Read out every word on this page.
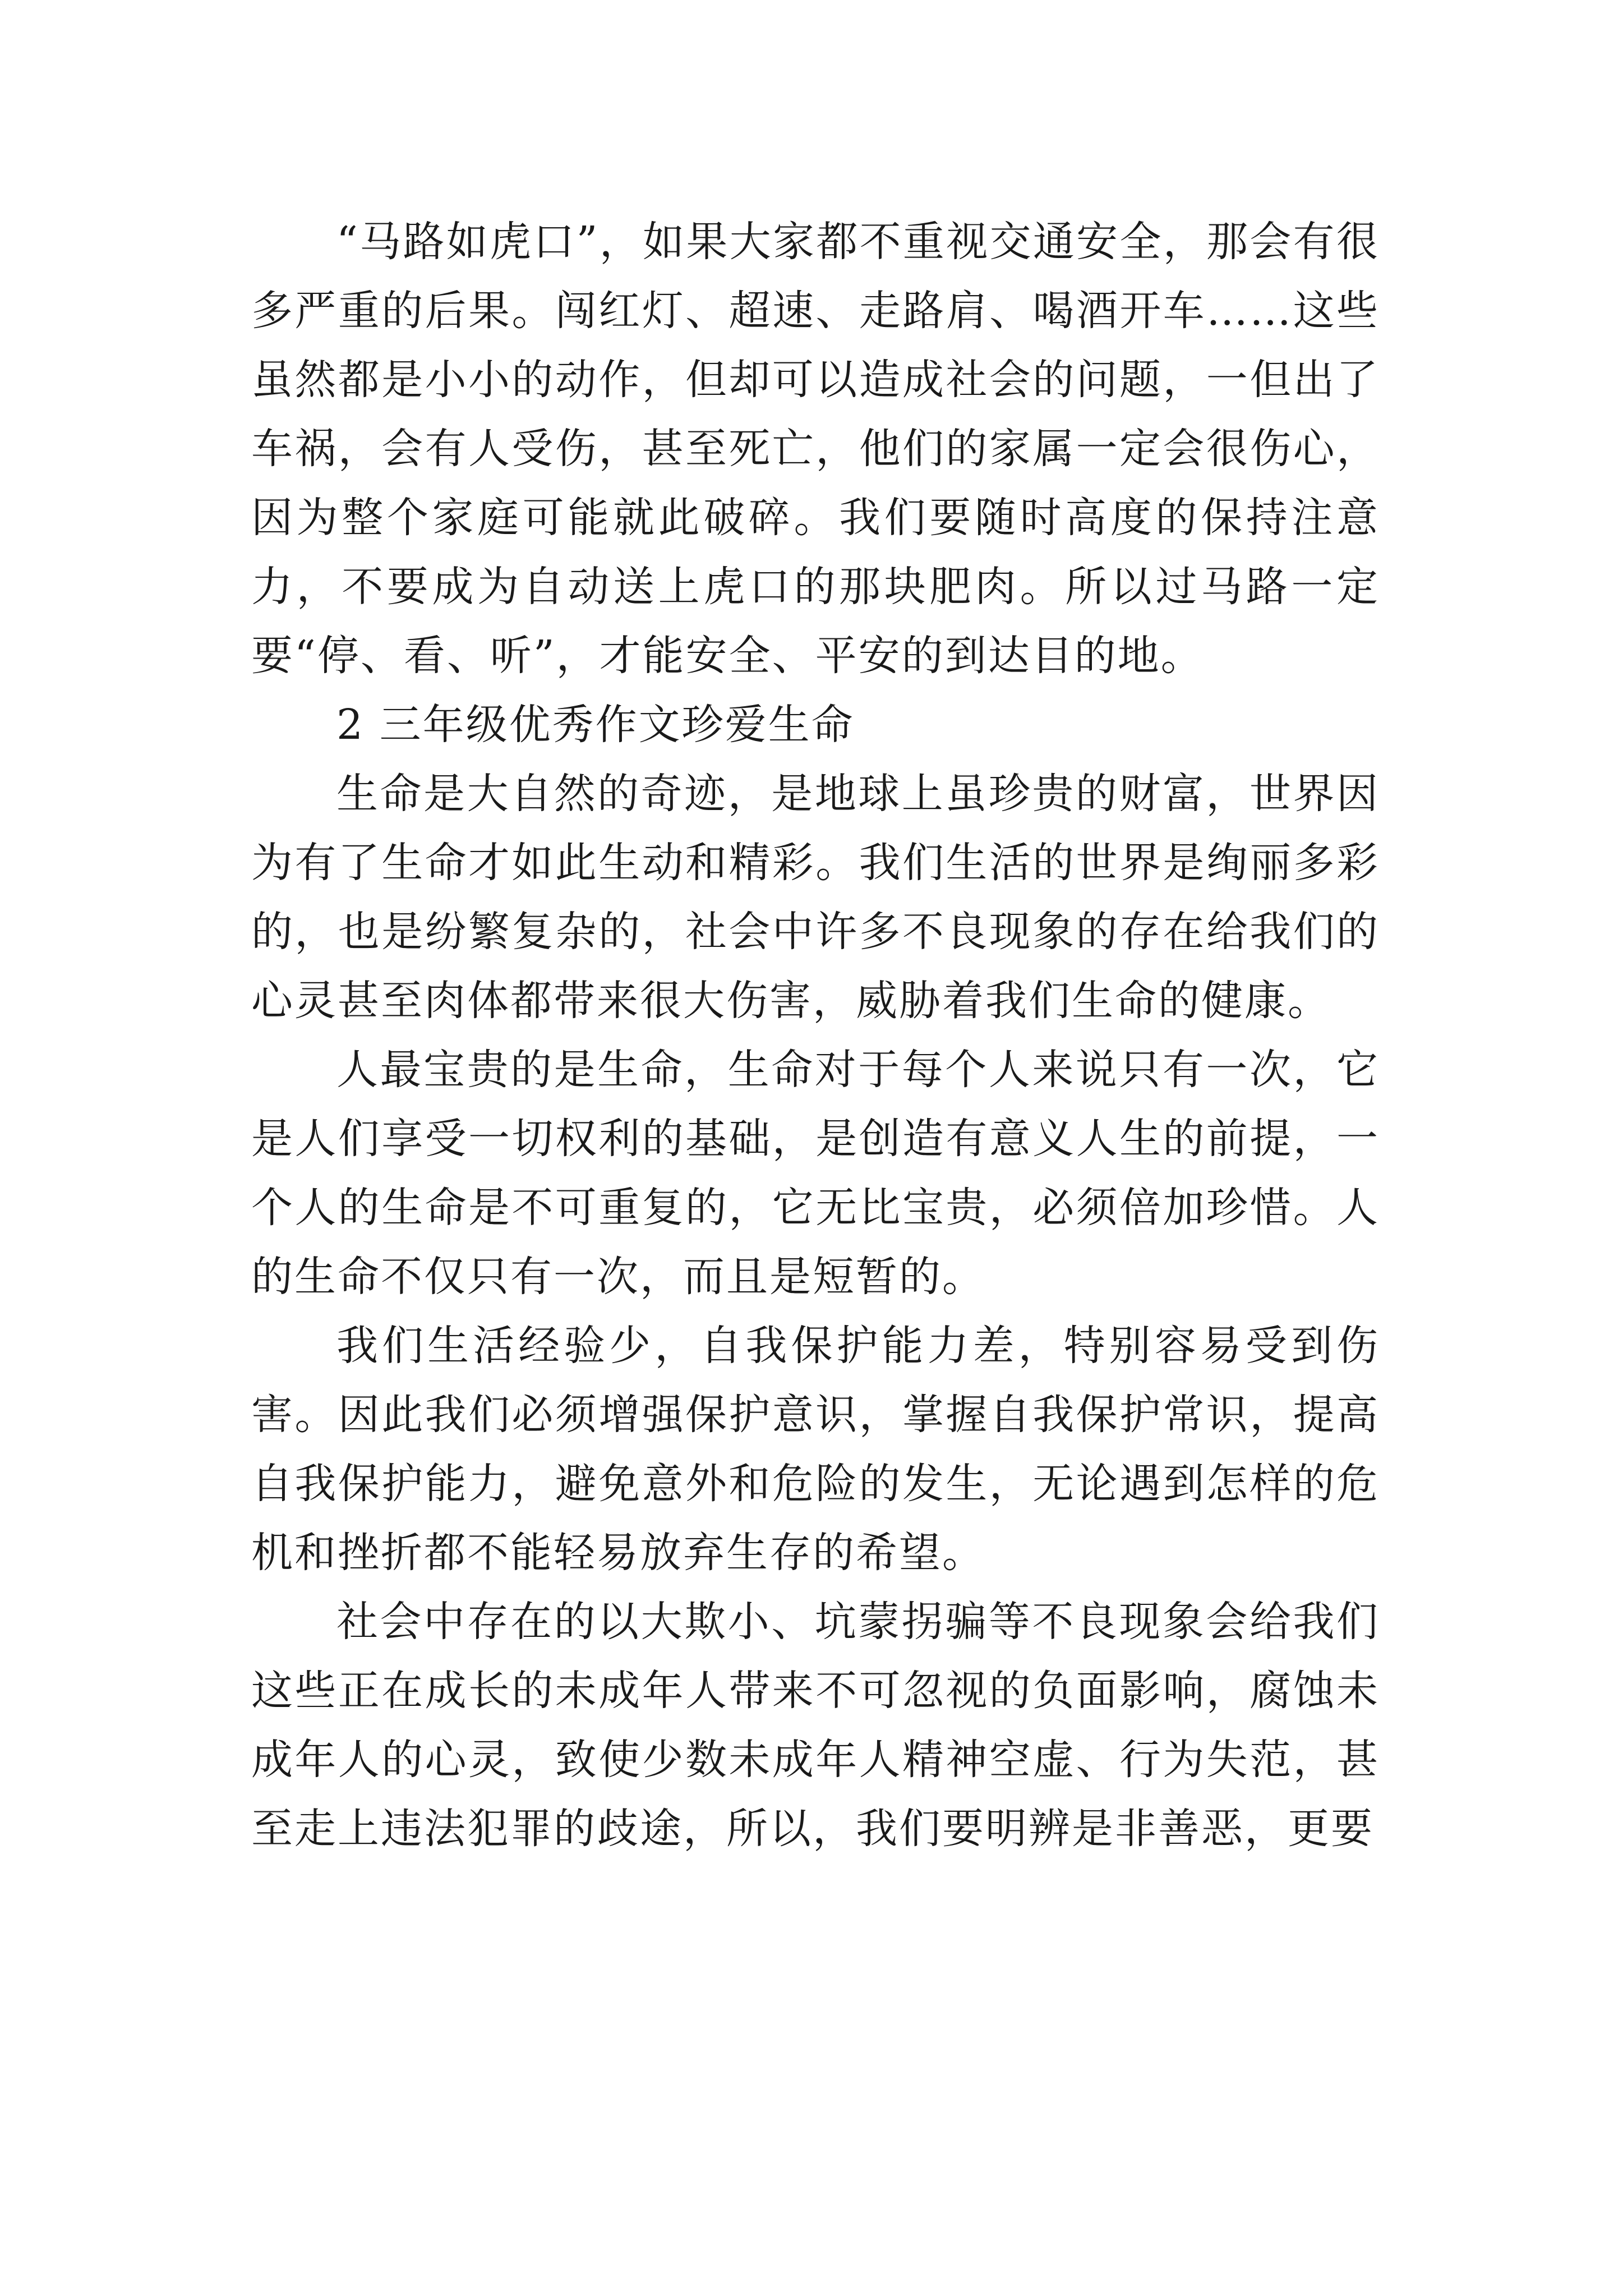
“马路如虎口”，如果大家都不重视交通安全，那会有很多严重的后果。闯红灯、超速、走路肩、喝酒开车……这些虽然都是小小的动作，但却可以造成社会的问题，一但出了车祸，会有人受伤，甚至死亡，他们的家属一定会很伤心，因为整个家庭可能就此破碎。我们要随时高度的保持注意力，不要成为自动送上虎口的那块肥肉。所以过马路一定要“停、看、听”，才能安全、平安的到达目的地。

2 三年级优秀作文珍爱生命

生命是大自然的奇迹，是地球上虽珍贵的财富，世界因为有了生命才如此生动和精彩。我们生活的世界是绚丽多彩的，也是纷繁复杂的，社会中许多不良现象的存在给我们的心灵甚至肉体都带来很大伤害，威胁着我们生命的健康。

人最宝贵的是生命，生命对于每个人来说只有一次，它是人们享受一切权利的基础，是创造有意义人生的前提，一个人的生命是不可重复的，它无比宝贵，必须倍加珍惜。人的生命不仅只有一次，而且是短暂的。

我们生活经验少，自我保护能力差，特别容易受到伤害。因此我们必须增强保护意识，掌握自我保护常识，提高自我保护能力，避免意外和危险的发生，无论遇到怎样的危机和挫折都不能轻易放弃生存的希望。

社会中存在的以大欺小、坑蒙拐骗等不良现象会给我们这些正在成长的未成年人带来不可忽视的负面影响，腐蚀未成年人的心灵，致使少数未成年人精神空虚、行为失范，甚至走上违法犯罪的歧途，所以，我们要明辨是非善恶，更要
